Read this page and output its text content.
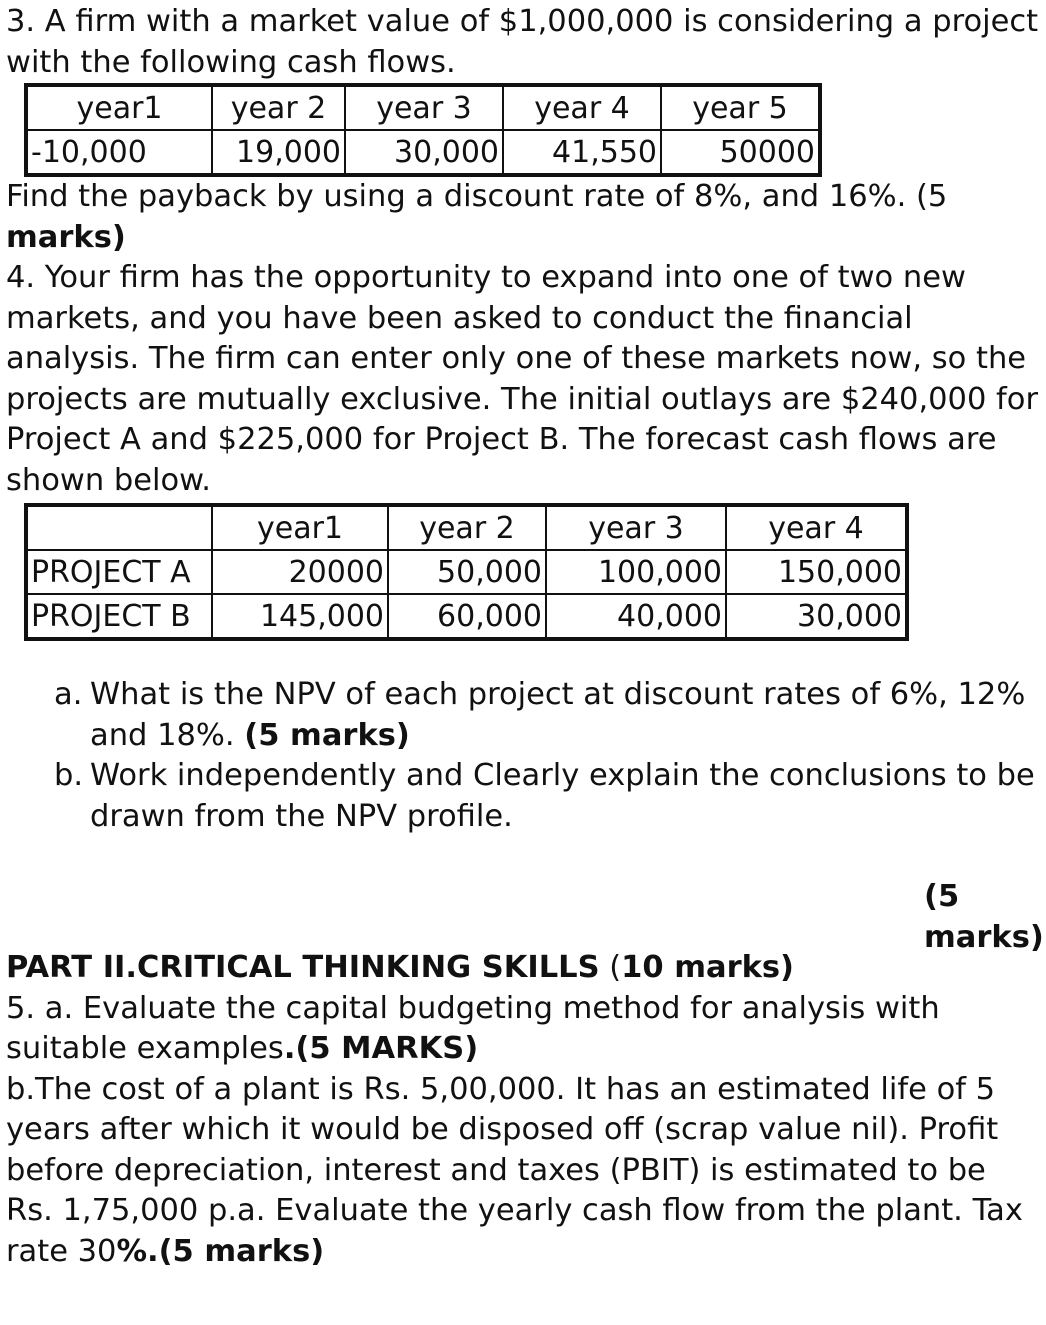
3. A firm with a market value of $1,000,000 is considering a project with the following cash flows.

year1	year 2	year 3	year 4	year 5
-10,000	19,000	30,000	41,550	50000

Find the payback by using a discount rate of 8%, and 16%. (5
marks)

4. Your firm has the opportunity to expand into one of two new markets, and you have been asked to conduct the financial analysis. The firm can enter only one of these markets now, so the projects are mutually exclusive. The initial outlays are $240,000 for Project A and $225,000 for Project B. The forecast cash flows are shown below.

	year1	year 2	year 3	year 4
PROJECT A	20000	50,000	100,000	150,000
PROJECT B	145,000	60,000	40,000	30,000
a. What is the NPV of each project at discount rates of 6%, 12% and 18%. (5 marks)
b. Work independently and Clearly explain the conclusions to be drawn from the NPV profile.

(5
marks)

PART II.CRITICAL THINKING SKILLS (10 marks)

5. a. Evaluate the capital budgeting method for analysis with suitable examples.(5 MARKS)

b.The cost of a plant is Rs. 5,00,000. It has an estimated life of 5 years after which it would be disposed off (scrap value nil). Profit before depreciation, interest and taxes (PBIT) is estimated to be Rs. 1,75,000 p.a. Evaluate the yearly cash flow from the plant. Tax rate 30%.(5 marks)
